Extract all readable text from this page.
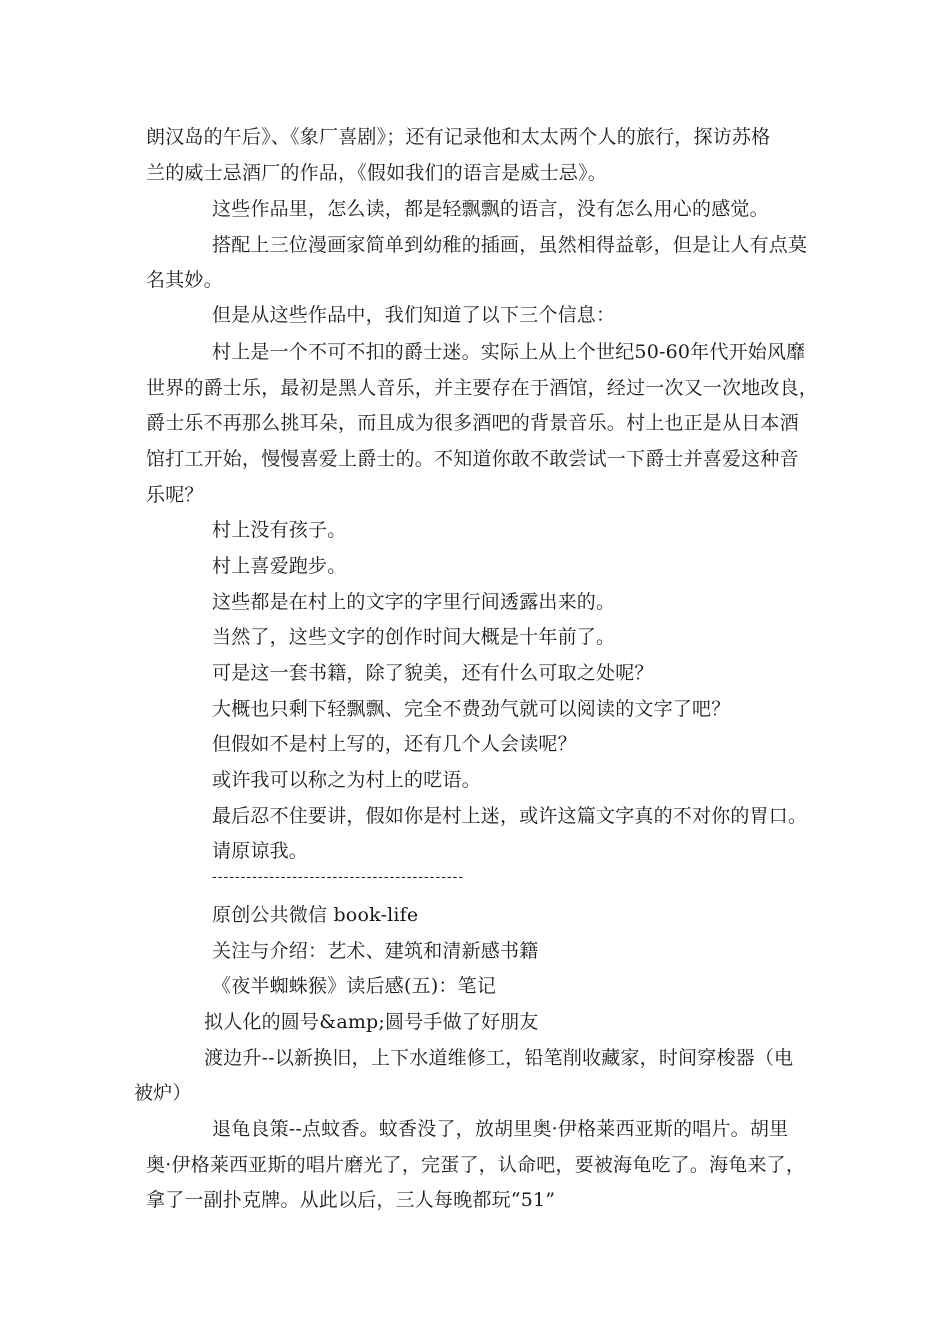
朗汉岛的午后》、《象厂喜剧》；还有记录他和太太两个人的旅行，探访苏格
兰的威士忌酒厂的作品，《假如我们的语言是威士忌》。
这些作品里，怎么读，都是轻飘飘的语言，没有怎么用心的感觉。
搭配上三位漫画家简单到幼稚的插画，虽然相得益彰，但是让人有点莫
名其妙。
但是从这些作品中，我们知道了以下三个信息：
村上是一个不可不扣的爵士迷。实际上从上个世纪50-60年代开始风靡
世界的爵士乐，最初是黑人音乐，并主要存在于酒馆，经过一次又一次地改良，
爵士乐不再那么挑耳朵，而且成为很多酒吧的背景音乐。村上也正是从日本酒
馆打工开始，慢慢喜爱上爵士的。不知道你敢不敢尝试一下爵士并喜爱这种音
乐呢？
村上没有孩子。
村上喜爱跑步。
这些都是在村上的文字的字里行间透露出来的。
当然了，这些文字的创作时间大概是十年前了。
可是这一套书籍，除了貌美，还有什么可取之处呢？
大概也只剩下轻飘飘、完全不费劲气就可以阅读的文字了吧？
但假如不是村上写的，还有几个人会读呢？
或许我可以称之为村上的呓语。
最后忍不住要讲，假如你是村上迷，或许这篇文字真的不对你的胃口。
请原谅我。
--------------------------------------------
原创公共微信 book-life
关注与介绍：艺术、建筑和清新感书籍
《夜半蜘蛛猴》读后感(五)：笔记
拟人化的圆号&amp;圆号手做了好朋友
渡边升--以新换旧，上下水道维修工，铅笔削收藏家，时间穿梭器（电
被炉）
退龟良策--点蚊香。蚊香没了，放胡里奥·伊格莱西亚斯的唱片。胡里
奥·伊格莱西亚斯的唱片磨光了，完蛋了，认命吧，要被海龟吃了。海龟来了，
拿了一副扑克牌。从此以后，三人每晚都玩“51”
